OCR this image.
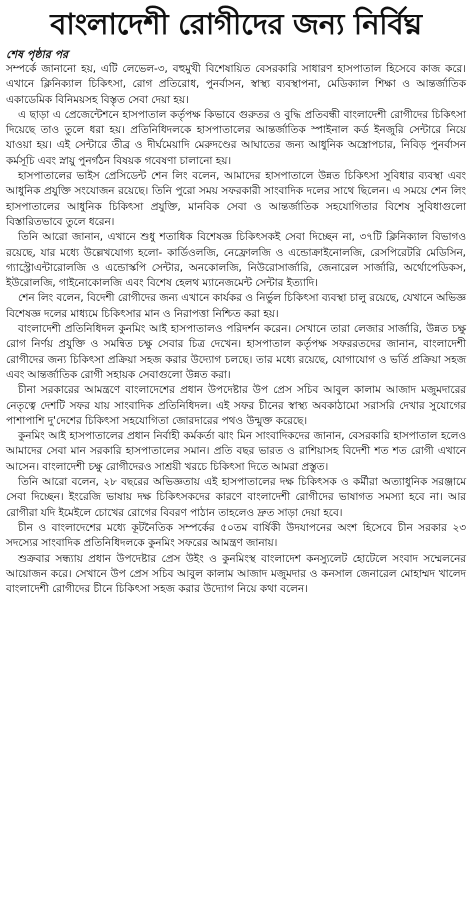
বাংলাদেশী রোগীদের জন্য নির্বিঘ্ন
শেষ পৃষ্ঠার পর

সম্পর্কে জানানো হয়, এটি লেভেল-৩, বহুমুখী বিশেষায়িত বেসরকারি সাধারণ হাসপাতাল হিসেবে কাজ করে। এখানে ক্লিনিক্যাল চিকিৎসা, রোগ প্রতিরোধ, পুনর্বাসন, স্বাস্থ্য ব্যবস্থাপনা, মেডিক্যাল শিক্ষা ও আন্তর্জাতিক একাডেমিক বিনিময়সহ বিস্তৃত সেবা দেয়া হয়।

এ ছাড়া এ প্রেজেন্টেশনে হাসপাতাল কর্তৃপক্ষ কিভাবে গুরুতর ও বুদ্ধি প্রতিবন্ধী বাংলাদেশী রোগীদের চিকিৎসা দিয়েছে তাও তুলে ধরা হয়। প্রতিনিধিদলকে হাসপাতালের আন্তর্জাতিক স্পাইনাল কর্ড ইনজুরি সেন্টারে নিয়ে যাওয়া হয়। এই সেন্টারে তীব্র ও দীর্ঘমেয়াদি মেরুদণ্ডের আঘাতের জন্য আধুনিক অস্ত্রোপচার, নিবিড় পুনর্বাসন কর্মসূচি এবং স্নায়ু পুনর্গঠন বিষয়ক গবেষণা চালানো হয়।

হাসপাতালের ভাইস প্রেসিডেন্ট শেন লিং বলেন, আমাদের হাসপাতালে উন্নত চিকিৎসা সুবিধার ব্যবস্থা এবং আধুনিক প্রযুক্তি সংযোজন রয়েছে। তিনি পুরো সময় সফরকারী সাংবাদিক দলের সাথে ছিলেন। এ সময়ে শেন লিং হাসপাতালের আধুনিক চিকিৎসা প্রযুক্তি, মানবিক সেবা ও আন্তর্জাতিক সহযোগিতার বিশেষ সুবিধাগুলো বিস্তারিতভাবে তুলে ধরেন।

তিনি আরো জানান, এখানে শুধু শতাধিক বিশেষজ্ঞ চিকিৎসকই সেবা দিচ্ছেন না, ৩৭টি ক্লিনিক্যাল বিভাগও রয়েছে, যার মধ্যে উল্লেখযোগ্য হলো- কার্ডিওলজি, নেফ্রোলজি ও এন্ডোক্রাইনোলজি, রেসপিরেটরি মেডিসিন, গ্যাস্ট্রোএন্টারোলজি ও এন্ডোস্কপি সেন্টার, অনকোলজি, নিউরোসার্জারি, জেনারেল সার্জারি, অর্থোপেডিকস, ইউরোলজি, গাইনোকোলজি এবং বিশেষ হেলথ ম্যানেজমেন্ট সেন্টার ইত্যাদি।

শেন লিং বলেন, বিদেশী রোগীদের জন্য এখানে কার্যকর ও নির্ভুল চিকিৎসা ব্যবস্থা চালু রয়েছে, যেখানে অভিজ্ঞ বিশেষজ্ঞ দলের মাধ্যমে চিকিৎসার মান ও নিরাপত্তা নিশ্চিত করা হয়।

বাংলাদেশী প্রতিনিধিদল কুনমিং আই হাসপাতালও পরিদর্শন করেন। সেখানে তারা লেজার সার্জারি, উন্নত চক্ষু রোগ নির্ণয় প্রযুক্তি ও সমন্বিত চক্ষু সেবার চিত্র দেখেন। হাসপাতাল কর্তৃপক্ষ সফররতদের জানান, বাংলাদেশী রোগীদের জন্য চিকিৎসা প্রক্রিয়া সহজ করার উদ্যোগ চলছে। তার মধ্যে রয়েছে, যোগাযোগ ও ভর্তি প্রক্রিয়া সহজ এবং আন্তর্জাতিক রোগী সহায়ক সেবাগুলো উন্নত করা।

চীনা সরকারের আমন্ত্রণে বাংলাদেশের প্রধান উপদেষ্টার উপ প্রেস সচিব আবুল কালাম আজাদ মজুমদারের নেতৃত্বে দেশটি সফর যায় সাংবাদিক প্রতিনিধিদল। এই সফর চীনের স্বাস্থ্য অবকাঠামো সরাসরি দেখার সুযোগের পাশাপাশি দু'দেশের চিকিৎসা সহযোগিতা জোরদারের পথও উন্মুক্ত করেছে।

কুনমিং আই হাসপাতালের প্রধান নির্বাহী কর্মকর্তা ঝাং মিন সাংবাদিকদের জানান, বেসরকারি হাসপাতাল হলেও আমাদের সেবা মান সরকারি হাসপাতালের সমান। প্রতি বছর ভারত ও রাশিয়াসহ বিদেশী শত শত রোগী এখানে আসেন। বাংলাদেশী চক্ষু রোগীদেরও সাশ্রয়ী খরচে চিকিৎসা দিতে আমরা প্রস্তুত।

তিনি আরো বলেন, ২৮ বছরের অভিজ্ঞতায় এই হাসপাতালের দক্ষ চিকিৎসক ও কর্মীরা অত্যাধুনিক সরঞ্জামে সেবা দিচ্ছেন। ইংরেজি ভাষায় দক্ষ চিকিৎসকদের কারণে বাংলাদেশী রোগীদের ভাষাগত সমস্যা হবে না। আর রোগীরা যদি ইমেইলে চোখের রোগের বিবরণ পাঠান তাহলেও দ্রুত সাড়া দেয়া হবে।

চীন ও বাংলাদেশের মধ্যে কূটনৈতিক সম্পর্কের ৫০তম বার্ষিকী উদযাপনের অংশ হিসেবে চীন সরকার ২৩ সদস্যের সাংবাদিক প্রতিনিধিদলকে কুনমিং সফরের আমন্ত্রণ জানায়।

শুক্রবার সন্ধ্যায় প্রধান উপদেষ্টার প্রেস উইং ও কুনমিংস্থ বাংলাদেশ কনস্যুলেট হোটেলে সংবাদ সম্মেলনের আয়োজন করে। সেখানে উপ প্রেস সচিব আবুল কালাম আজাদ মজুমদার ও কনসাল জেনারেল মোহাম্মদ খালেদ বাংলাদেশী রোগীদের চীনে চিকিৎসা সহজ করার উদ্যোগ নিয়ে কথা বলেন।
